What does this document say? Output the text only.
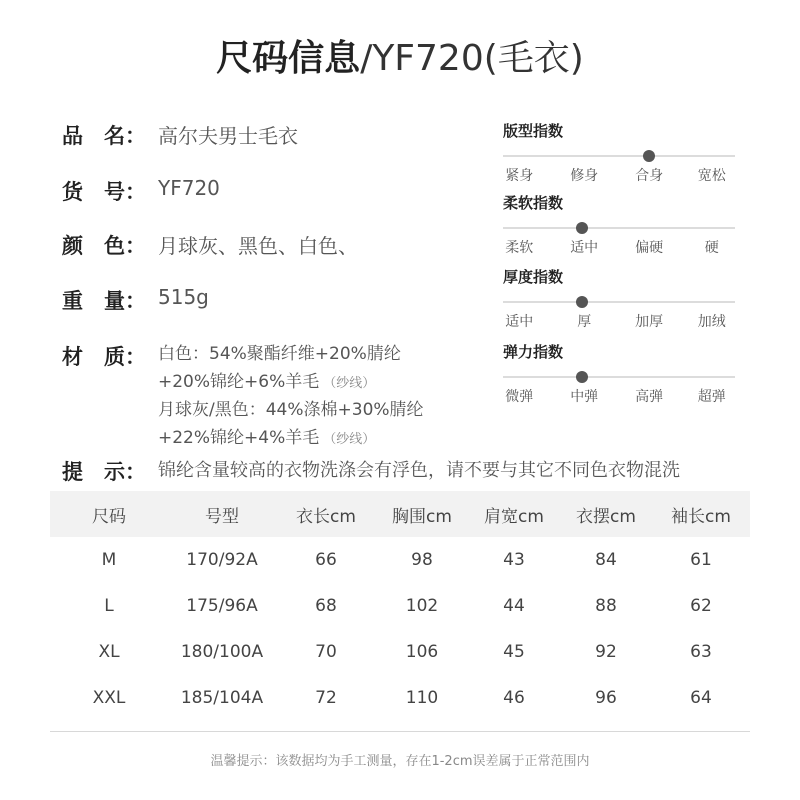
尺码信息/YF720(毛衣)
品　名： 高尔夫男士毛衣
货　号： YF720
颜　色： 月球灰、黑色、白色、
重　量： 515g
材　质： 白色：54%聚酯纤维+20%腈纶
+20%锦纶+6%羊毛 （纱线）
月球灰/黑色：44%涤棉+30%腈纶
+22%锦纶+4%羊毛 （纱线）
提　示： 锦纶含量较高的衣物洗涤会有浮色，请不要与其它不同色衣物混洗
版型指数
紧身	修身	合身 宽松
柔软指数
柔软	适中	偏硬	硬
厚度指数
适中	厚	加厚 加绒
弹力指数
微弹	中弹	高弹 超弹
尺码	号型	衣长cm	胸围cm	肩宽cm	衣摆cm	袖长cm
M	170/92A	66	98	43	84	61
L	175/96A	68	102	44	88	62
XL	180/100A	70	106	45	92	63
XXL	185/104A	72	110	46	96	64
温馨提示：该数据均为手工测量，存在1-2cm误差属于正常范围内
